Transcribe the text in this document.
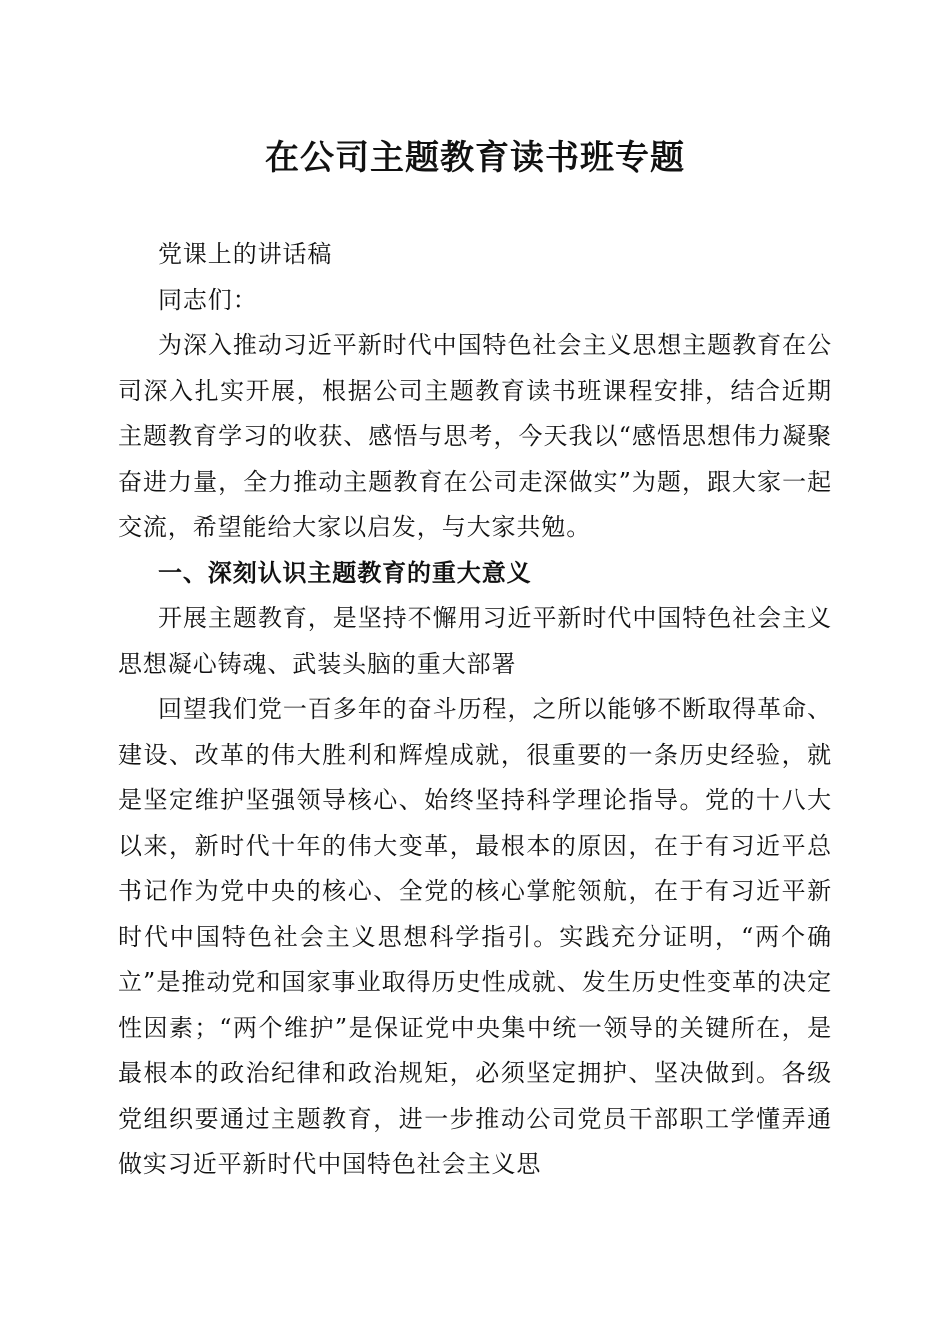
在公司主题教育读书班专题

党课上的讲话稿

同志们：

为深入推动习近平新时代中国特色社会主义思想主题教育在公司深入扎实开展，根据公司主题教育读书班课程安排，结合近期主题教育学习的收获、感悟与思考，今天我以“感悟思想伟力凝聚奋进力量，全力推动主题教育在公司走深做实”为题，跟大家一起交流，希望能给大家以启发，与大家共勉。

一、深刻认识主题教育的重大意义

开展主题教育，是坚持不懈用习近平新时代中国特色社会主义思想凝心铸魂、武装头脑的重大部署

回望我们党一百多年的奋斗历程，之所以能够不断取得革命、建设、改革的伟大胜利和辉煌成就，很重要的一条历史经验，就是坚定维护坚强领导核心、始终坚持科学理论指导。党的十八大以来，新时代十年的伟大变革，最根本的原因，在于有习近平总书记作为党中央的核心、全党的核心掌舵领航，在于有习近平新时代中国特色社会主义思想科学指引。实践充分证明，“两个确立”是推动党和国家事业取得历史性成就、发生历史性变革的决定性因素；“两个维护”是保证党中央集中统一领导的关键所在，是最根本的政治纪律和政治规矩，必须坚定拥护、坚决做到。各级党组织要通过主题教育，进一步推动公司党员干部职工学懂弄通做实习近平新时代中国特色社会主义思
